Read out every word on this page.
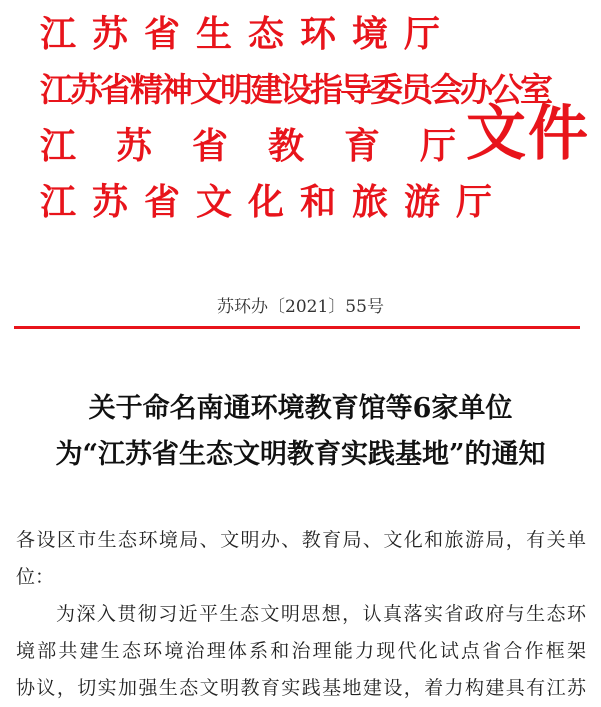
江苏省生态环境厅
江苏省精神文明建设指导委员会办公室
江苏省教育厅
江苏省文化和旅游厅
文件
苏环办〔2021〕55号
关于命名南通环境教育馆等6家单位
为“江苏省生态文明教育实践基地”的通知
各设区市生态环境局、文明办、教育局、文化和旅游局，有关单
位：
为深入贯彻习近平生态文明思想，认真落实省政府与生态环
境部共建生态环境治理体系和治理能力现代化试点省合作框架
协议，切实加强生态文明教育实践基地建设，着力构建具有江苏
